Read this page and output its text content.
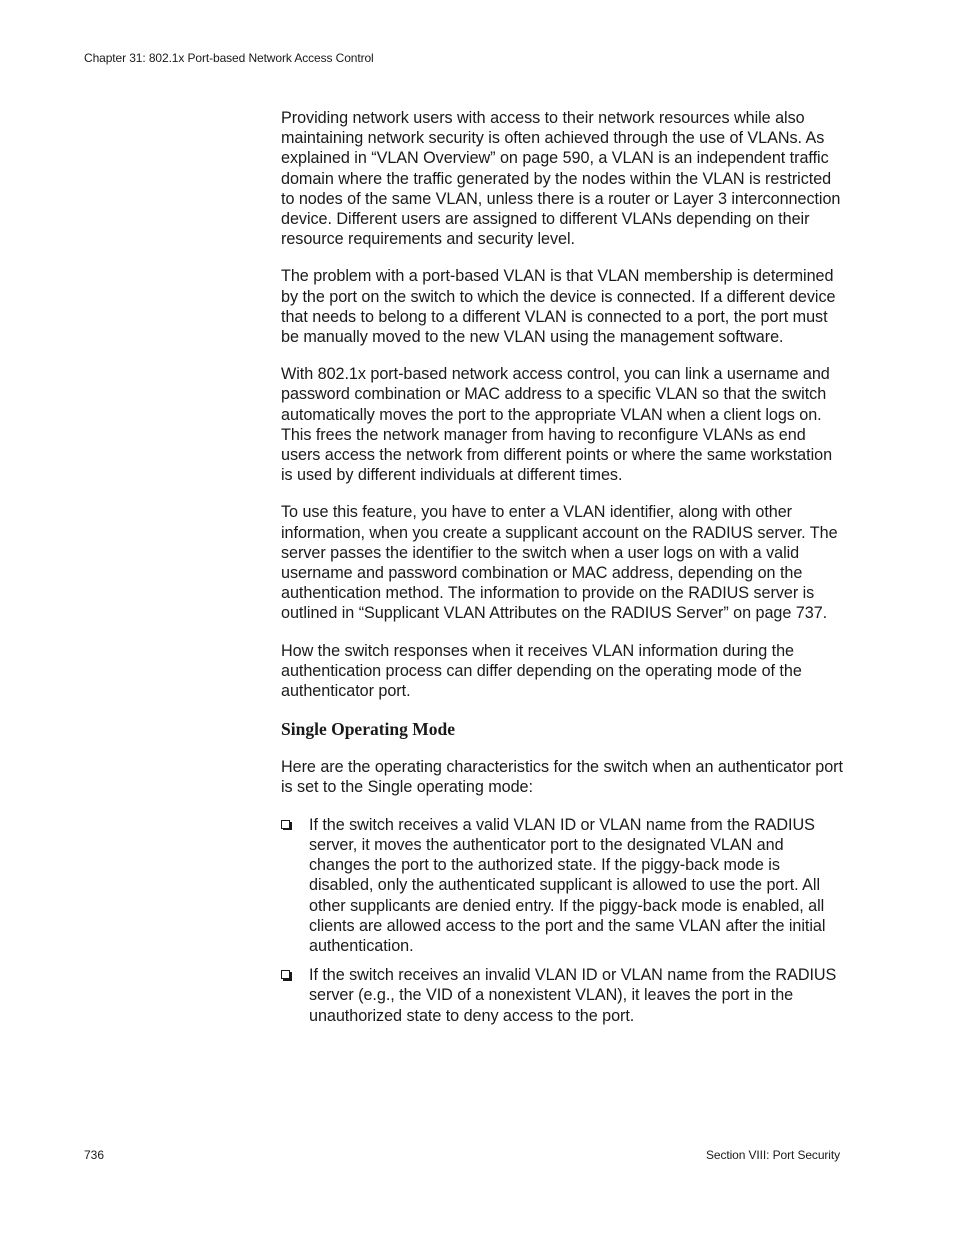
Chapter 31: 802.1x Port-based Network Access Control

Providing network users with access to their network resources while also maintaining network security is often achieved through the use of VLANs. As explained in “VLAN Overview” on page 590, a VLAN is an independent traffic domain where the traffic generated by the nodes within the VLAN is restricted to nodes of the same VLAN, unless there is a router or Layer 3 interconnection device. Different users are assigned to different VLANs depending on their resource requirements and security level.

The problem with a port-based VLAN is that VLAN membership is determined by the port on the switch to which the device is connected. If a different device that needs to belong to a different VLAN is connected to a port, the port must be manually moved to the new VLAN using the management software.

With 802.1x port-based network access control, you can link a username and password combination or MAC address to a specific VLAN so that the switch automatically moves the port to the appropriate VLAN when a client logs on. This frees the network manager from having to reconfigure VLANs as end users access the network from different points or where the same workstation is used by different individuals at different times.

To use this feature, you have to enter a VLAN identifier, along with other information, when you create a supplicant account on the RADIUS server. The server passes the identifier to the switch when a user logs on with a valid username and password combination or MAC address, depending on the authentication method. The information to provide on the RADIUS server is outlined in “Supplicant VLAN Attributes on the RADIUS Server” on page 737.

How the switch responses when it receives VLAN information during the authentication process can differ depending on the operating mode of the authenticator port.

Single Operating Mode

Here are the operating characteristics for the switch when an authenticator port is set to the Single operating mode:

If the switch receives a valid VLAN ID or VLAN name from the RADIUS server, it moves the authenticator port to the designated VLAN and changes the port to the authorized state. If the piggy-back mode is disabled, only the authenticated supplicant is allowed to use the port. All other supplicants are denied entry. If the piggy-back mode is enabled, all clients are allowed access to the port and the same VLAN after the initial authentication.
If the switch receives an invalid VLAN ID or VLAN name from the RADIUS server (e.g., the VID of a nonexistent VLAN), it leaves the port in the unauthorized state to deny access to the port.
736	Section VIII: Port Security
